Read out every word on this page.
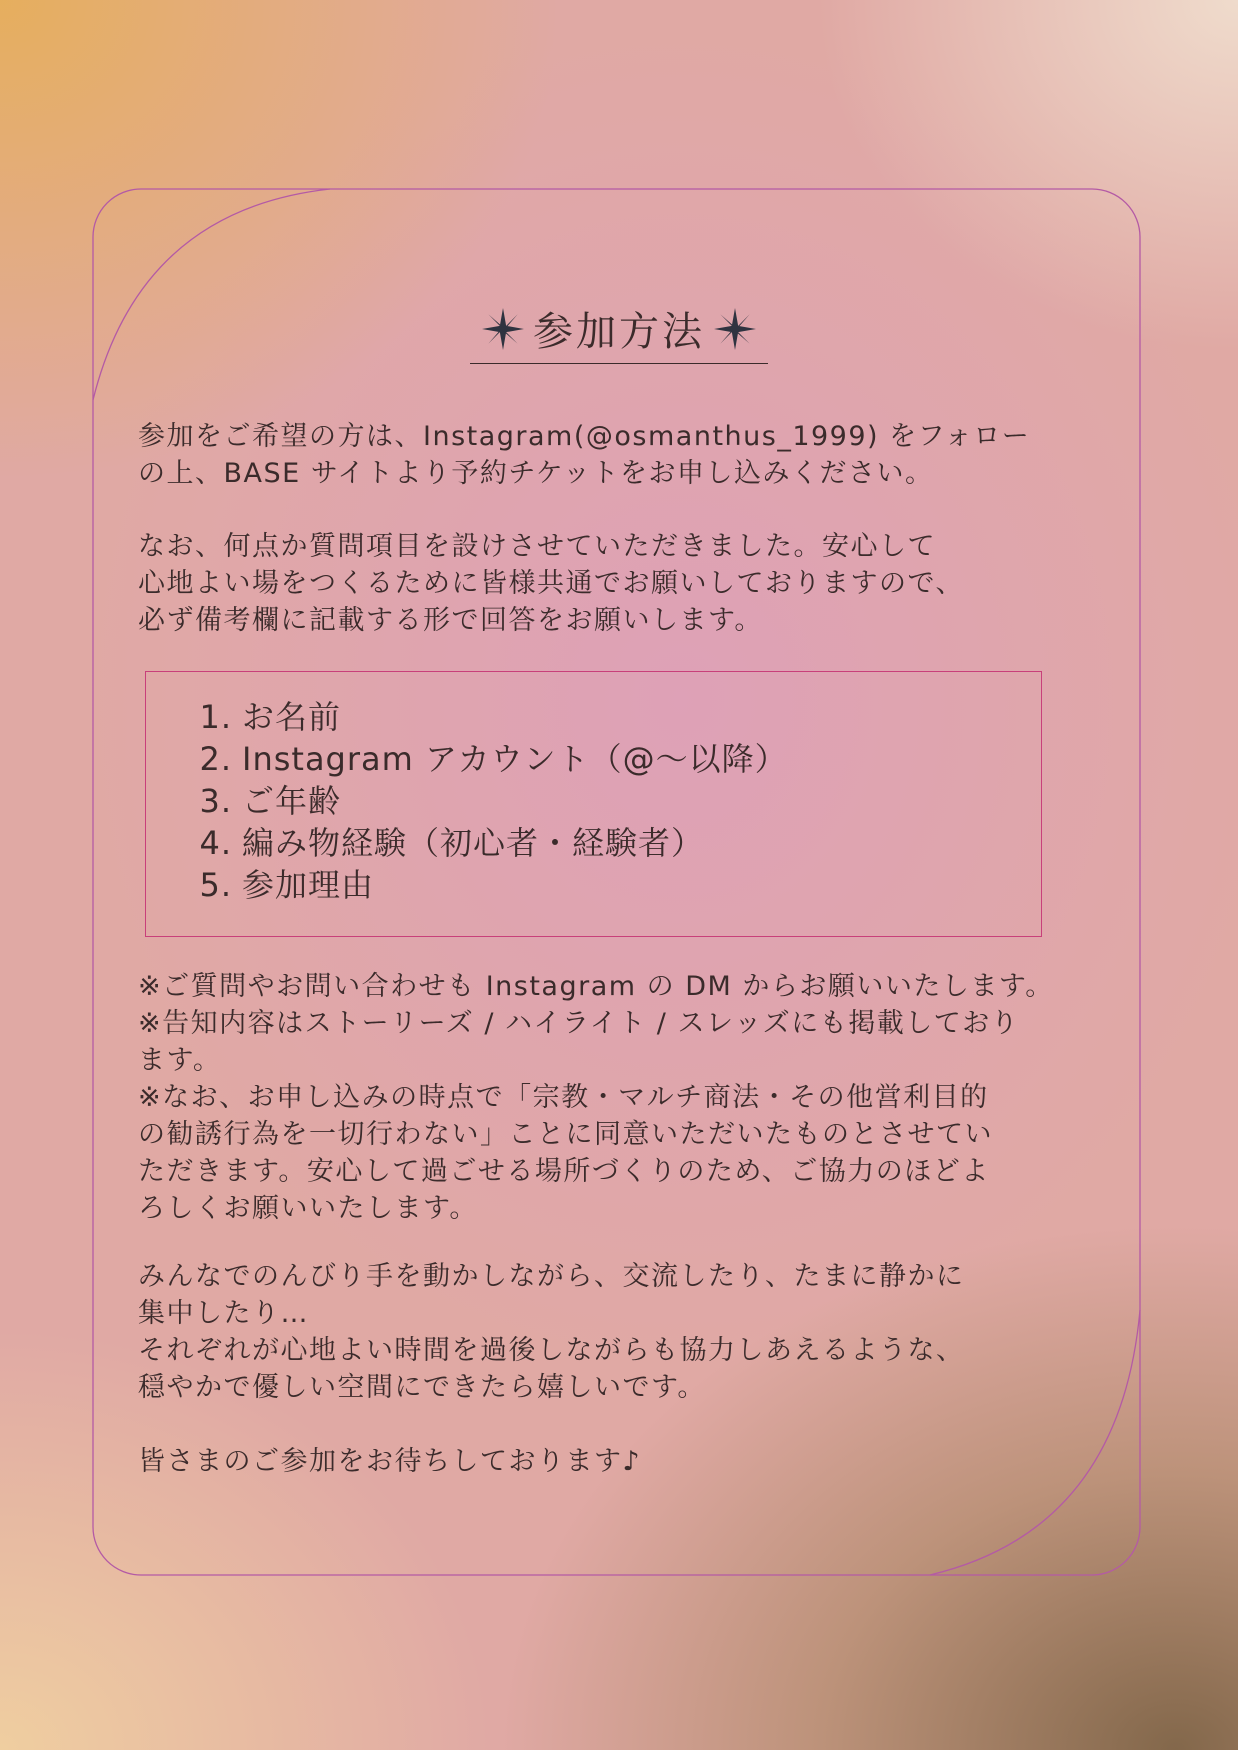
参加方法

参加をご希望の方は、Instagram(@osmanthus_1999) をフォロー
の上、BASE サイトより予約チケットをお申し込みください。

なお、何点か質問項目を設けさせていただきました。安心して
心地よい場をつくるために皆様共通でお願いしておりますので、
必ず備考欄に記載する形で回答をお願いします。

1. お名前
2. Instagram アカウント（@～以降）
3. ご年齢
4. 編み物経験（初心者・経験者）
5. 参加理由

※ご質問やお問い合わせも Instagram の DM からお願いいたします。
※告知内容はストーリーズ / ハイライト / スレッズにも掲載しており
ます。
※なお、お申し込みの時点で「宗教・マルチ商法・その他営利目的
の勧誘行為を一切行わない」ことに同意いただいたものとさせてい
ただきます。安心して過ごせる場所づくりのため、ご協力のほどよ
ろしくお願いいたします。

みんなでのんびり手を動かしながら、交流したり、たまに静かに
集中したり…
それぞれが心地よい時間を過後しながらも協力しあえるような、
穏やかで優しい空間にできたら嬉しいです。

皆さまのご参加をお待ちしております♪
